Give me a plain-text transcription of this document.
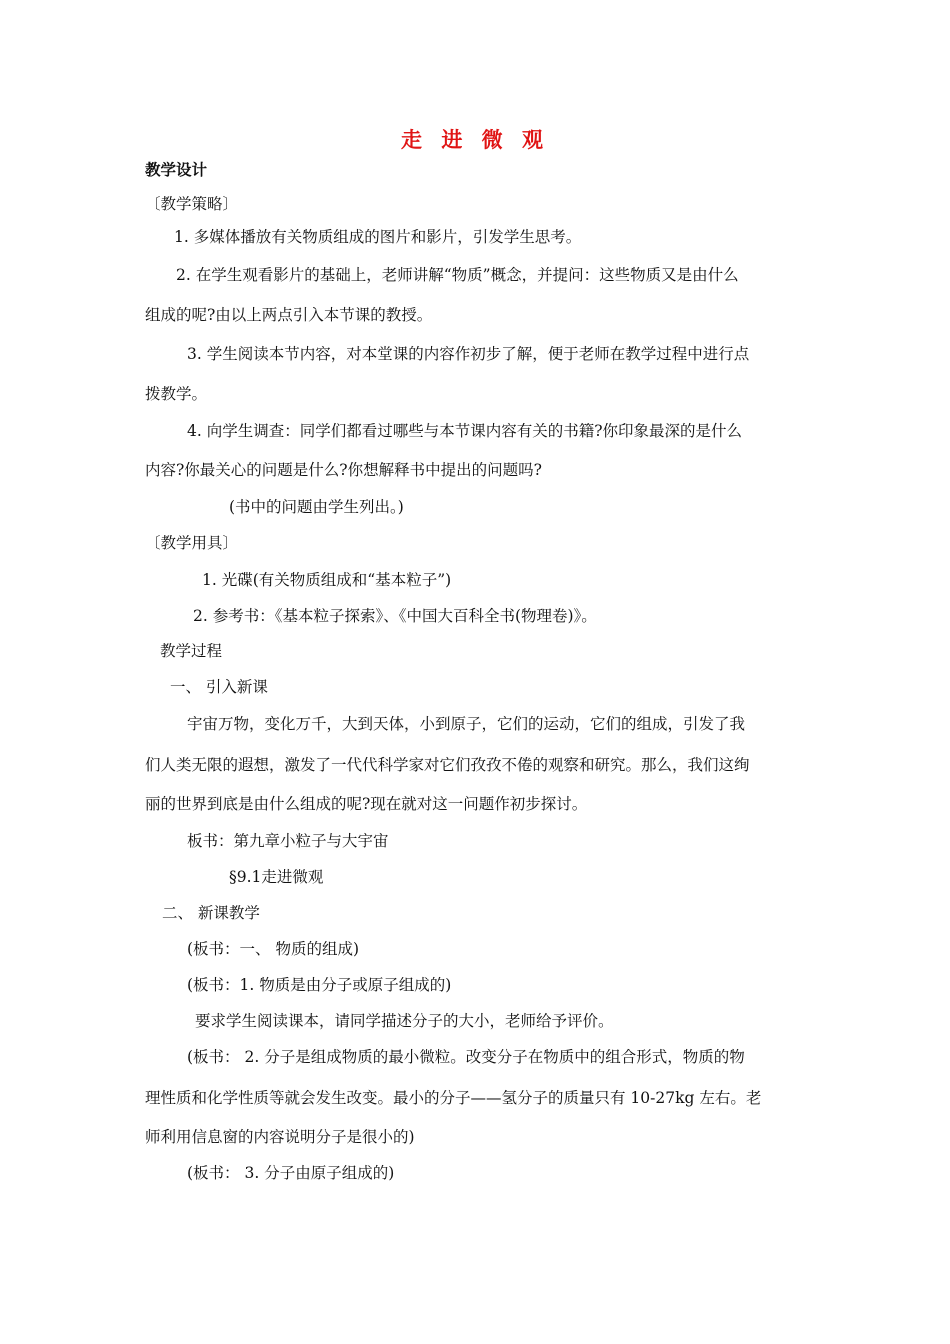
走 进 微 观
教学设计
〔教学策略〕
1. 多媒体播放有关物质组成的图片和影片，引发学生思考。
2. 在学生观看影片的基础上，老师讲解“物质”概念，并提问：这些物质又是由什么
组成的呢?由以上两点引入本节课的教授。
3. 学生阅读本节内容，对本堂课的内容作初步了解，便于老师在教学过程中进行点
拨教学。
4. 向学生调查：同学们都看过哪些与本节课内容有关的书籍?你印象最深的是什么
内容?你最关心的问题是什么?你想解释书中提出的问题吗?
(书中的问题由学生列出。)
〔教学用具〕
1. 光碟(有关物质组成和“基本粒子”)
2. 参考书：《基本粒子探索》、《中国大百科全书(物理卷)》。
教学过程
一、 引入新课
宇宙万物，变化万千，大到天体，小到原子，它们的运动，它们的组成，引发了我
们人类无限的遐想，激发了一代代科学家对它们孜孜不倦的观察和研究。那么，我们这绚
丽的世界到底是由什么组成的呢?现在就对这一问题作初步探讨。
板书：第九章小粒子与大宇宙
§9.1走进微观
二、 新课教学
(板书：一、 物质的组成)
(板书：1. 物质是由分子或原子组成的)
要求学生阅读课本，请同学描述分子的大小，老师给予评价。
(板书： 2. 分子是组成物质的最小微粒。改变分子在物质中的组合形式，物质的物
理性质和化学性质等就会发生改变。最小的分子——氢分子的质量只有 10-27kg 左右。老
师利用信息窗的内容说明分子是很小的)
(板书： 3. 分子由原子组成的)
